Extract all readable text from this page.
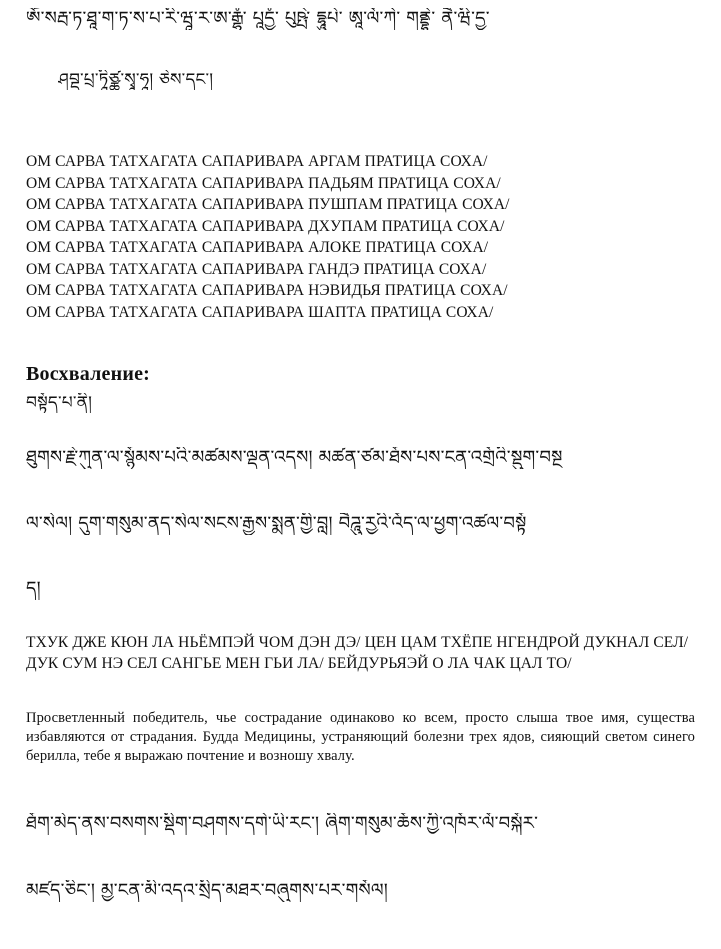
ཨོཾ་སརྦ་ཏ་ཐཱ་ག་ཏ་ས་པ་རི་ཝཱ་ར་ཨ་རྒྷཾ་ པཱདྱཾ་ པུཥྤེ་ དྷཱུཔེ་ ཨཱ་ལོ་ཀེ་ གནྡྷེ་ ནཻ་ཝི་དྱ་
ཤབྡ་པྲ་ཏཱིཙྪ་སྭཱ་ཧཱ། ཅེས་དང་།
ОМ САРВА ТАТХАГАТА САПАРИВАРА АРГАМ ПРАТИЦА СОХА/
ОМ САРВА ТАТХАГАТА САПАРИВАРА ПАДЬЯМ ПРАТИЦА СОХА/
ОМ САРВА ТАТХАГАТА САПАРИВАРА ПУШПАМ ПРАТИЦА СОХА/
ОМ САРВА ТАТХАГАТА САПАРИВАРА ДХУПАМ ПРАТИЦА СОХА/
ОМ САРВА ТАТХАГАТА САПАРИВАРА АЛОКЕ ПРАТИЦА СОХА/
ОМ САРВА ТАТХАГАТА САПАРИВАРА ГАНДЭ ПРАТИЦА СОХА/
ОМ САРВА ТАТХАГАТА САПАРИВАРА НЭВИДЬЯ ПРАТИЦА СОХА/
ОМ САРВА ТАТХАГАТА САПАРИВАРА ШАПТА ПРАТИЦА СОХА/
Восхваление:
བསྟོད་པ་ནི།
ཐུགས་རྗེ་ཀུན་ལ་སྙོམས་པའི་མཚམས་ལྡན་འདས། མཚན་ཙམ་ཐོས་པས་ངན་འགྲོའི་སྡུག་བསྔ
ལ་སེལ། དུག་གསུམ་ནད་སེལ་སངས་རྒྱས་སྨན་གྱི་བླ། བཻཌཱུ་རྱའི་འོད་ལ་ཕྱག་འཚལ་བསྟོ
ད།
ТХУК ДЖЕ КЮН ЛА НЬЁМПЭЙ ЧОМ ДЭН ДЭ/ ЦЕН ЦАМ ТХЁПЕ НГЕНДРОЙ ДУКНАЛ СЕЛ/ ДУК СУМ НЭ СЕЛ САНГЬЕ МЕН ГЬИ ЛА/ БЕЙДУРЬЯЭЙ О ЛА ЧАК ЦАЛ ТО/
Просветленный победитель, чье сострадание одинаково ко всем, просто слыша твое имя, существа избавляются от страдания. Будда Медицины, устраняющий болезни трех ядов, сияющий светом синего берилла, тебе я выражаю почтение и возношу хвалу.
ཐོག་མེད་ནས་བསགས་སྡིག་བཤགས་དགེ་ཡི་རང་། ཞིག་གསུམ་ཆོས་ཀྱི་འཁོར་ལོ་བསྐོར་
མཛད་ཅིང་། མྱ་ངན་མི་འདའ་སྲིད་མཐར་བཞུགས་པར་གསོལ།
